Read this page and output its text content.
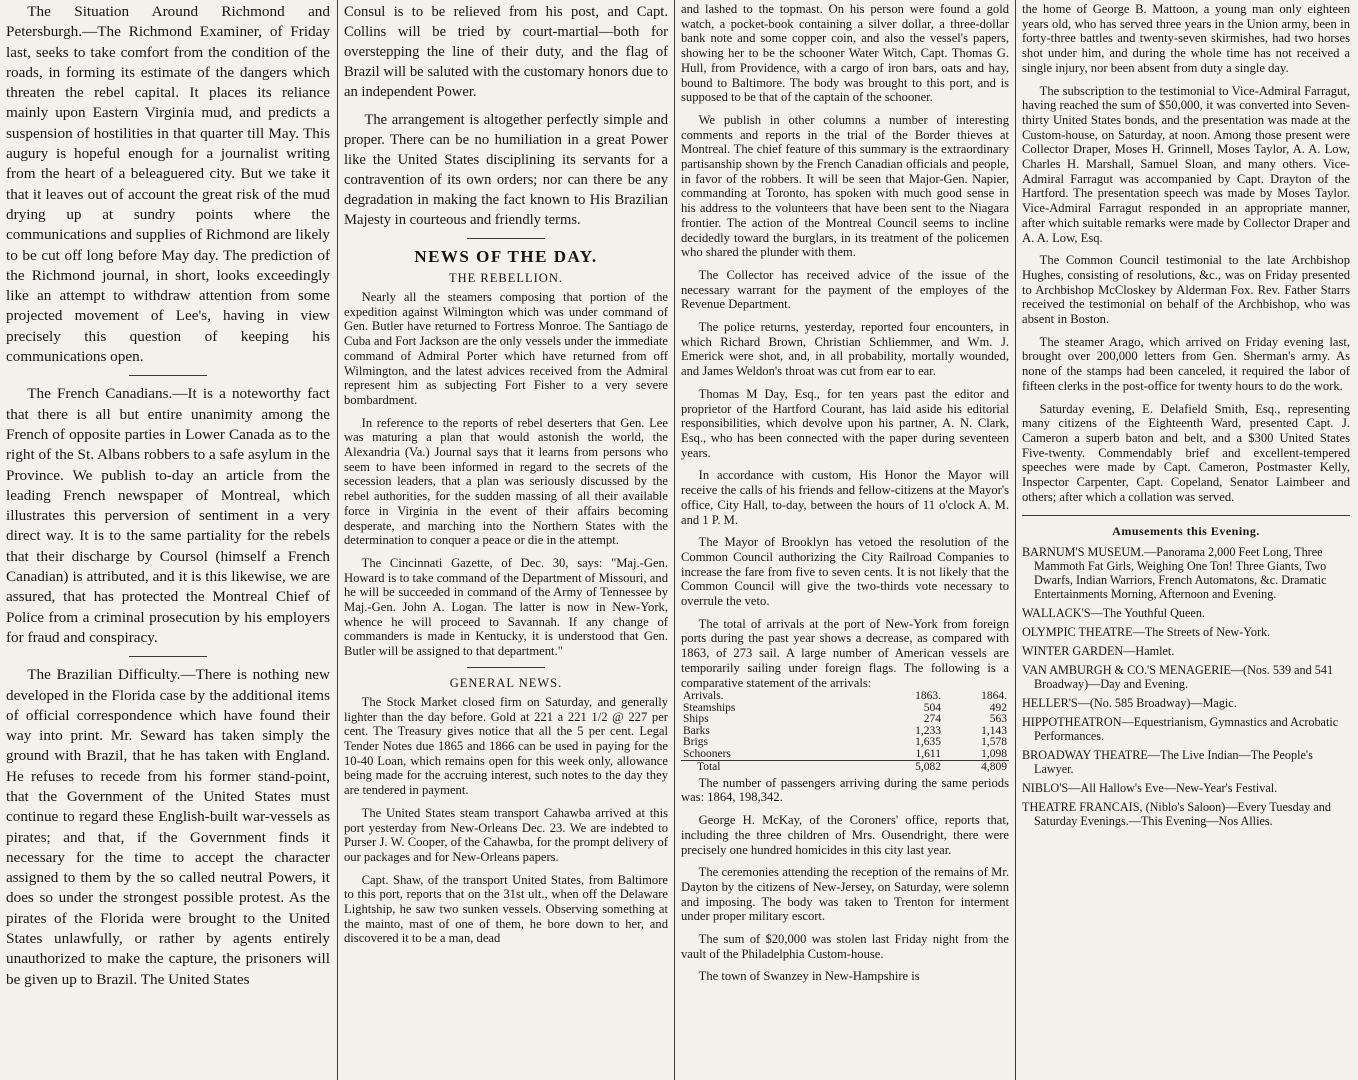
The Situation Around Richmond and Petersburgh.—The Richmond Examiner, of Friday last, seeks to take comfort from the condition of the roads, in forming its estimate of the dangers which threaten the rebel capital. It places its reliance mainly upon Eastern Virginia mud, and predicts a suspension of hostilities in that quarter till May. This augury is hopeful enough for a journalist writing from the heart of a beleaguered city. But we take it that it leaves out of account the great risk of the mud drying up at sundry points where the communications and supplies of Richmond are likely to be cut off long before May day. The prediction of the Richmond journal, in short, looks exceedingly like an attempt to withdraw attention from some projected movement of Lee's, having in view precisely this question of keeping his communications open.

The French Canadians.—It is a noteworthy fact that there is all but entire unanimity among the French of opposite parties in Lower Canada as to the right of the St. Albans robbers to a safe asylum in the Province. We publish to-day an article from the leading French newspaper of Montreal, which illustrates this perversion of sentiment in a very direct way. It is to the same partiality for the rebels that their discharge by Coursol (himself a French Canadian) is attributed, and it is this likewise, we are assured, that has protected the Montreal Chief of Police from a criminal prosecution by his employers for fraud and conspiracy.

The Brazilian Difficulty.—There is nothing new developed in the Florida case by the additional items of official correspondence which have found their way into print. Mr. Seward has taken simply the ground with Brazil, that he has taken with England. He refuses to recede from his former stand-point, that the Government of the United States must continue to regard these English-built war-vessels as pirates; and that, if the Government finds it necessary for the time to accept the character assigned to them by the so called neutral Powers, it does so under the strongest possible protest. As the pirates of the Florida were brought to the United States unlawfully, or rather by agents entirely unauthorized to make the capture, the prisoners will be given up to Brazil. The United States

Consul is to be relieved from his post, and Capt. Collins will be tried by court-martial—both for overstepping the line of their duty, and the flag of Brazil will be saluted with the customary honors due to an independent Power.

The arrangement is altogether perfectly simple and proper. There can be no humiliation in a great Power like the United States disciplining its servants for a contravention of its own orders; nor can there be any degradation in making the fact known to His Brazilian Majesty in courteous and friendly terms.

NEWS OF THE DAY.
THE REBELLION.

Nearly all the steamers composing that portion of the expedition against Wilmington which was under command of Gen. Butler have returned to Fortress Monroe. The Santiago de Cuba and Fort Jackson are the only vessels under the immediate command of Admiral Porter which have returned from off Wilmington, and the latest advices received from the Admiral represent him as subjecting Fort Fisher to a very severe bombardment.

In reference to the reports of rebel deserters that Gen. Lee was maturing a plan that would astonish the world, the Alexandria (Va.) Journal says that it learns from persons who seem to have been informed in regard to the secrets of the secession leaders, that a plan was seriously discussed by the rebel authorities, for the sudden massing of all their available force in Virginia in the event of their affairs becoming desperate, and marching into the Northern States with the determination to conquer a peace or die in the attempt.

The Cincinnati Gazette, of Dec. 30, says: "Maj.-Gen. Howard is to take command of the Department of Missouri, and he will be succeeded in command of the Army of Tennessee by Maj.-Gen. John A. Logan. The latter is now in New-York, whence he will proceed to Savannah. If any change of commanders is made in Kentucky, it is understood that Gen. Butler will be assigned to that department."

GENERAL NEWS.

The Stock Market closed firm on Saturday, and generally lighter than the day before. Gold at 221 a 221 1/2 @ 227 per cent. The Treasury gives notice that all the 5 per cent. Legal Tender Notes due 1865 and 1866 can be used in paying for the 10-40 Loan, which remains open for this week only, allowance being made for the accruing interest, such notes to the day they are tendered in payment.

The United States steam transport Cahawba arrived at this port yesterday from New-Orleans Dec. 23. We are indebted to Purser J. W. Cooper, of the Cahawba, for the prompt delivery of our packages and for New-Orleans papers.

Capt. Shaw, of the transport United States, from Baltimore to this port, reports that on the 31st ult., when off the Delaware Lightship, he saw two sunken vessels. Observing something at the mainto, mast of one of them, he bore down to her, and discovered it to be a man, dead

and lashed to the topmast. On his person were found a gold watch, a pocket-book containing a silver dollar, a three-dollar bank note and some copper coin, and also the vessel's papers, showing her to be the schooner Water Witch, Capt. Thomas G. Hull, from Providence, with a cargo of iron bars, oats and hay, bound to Baltimore. The body was brought to this port, and is supposed to be that of the captain of the schooner.

We publish in other columns a number of interesting comments and reports in the trial of the Border thieves at Montreal. The chief feature of this summary is the extraordinary partisanship shown by the French Canadian officials and people, in favor of the robbers. It will be seen that Major-Gen. Napier, commanding at Toronto, has spoken with much good sense in his address to the volunteers that have been sent to the Niagara frontier. The action of the Montreal Council seems to incline decidedly toward the burglars, in its treatment of the policemen who shared the plunder with them.

The Collector has received advice of the issue of the necessary warrant for the payment of the employes of the Revenue Department.

The police returns, yesterday, reported four encounters, in which Richard Brown, Christian Schliemmer, and Wm. J. Emerick were shot, and, in all probability, mortally wounded, and James Weldon's throat was cut from ear to ear.

Thomas M Day, Esq., for ten years past the editor and proprietor of the Hartford Courant, has laid aside his editorial responsibilities, which devolve upon his partner, A. N. Clark, Esq., who has been connected with the paper during seventeen years.

In accordance with custom, His Honor the Mayor will receive the calls of his friends and fellow-citizens at the Mayor's office, City Hall, to-day, between the hours of 11 o'clock A. M. and 1 P. M.

The Mayor of Brooklyn has vetoed the resolution of the Common Council authorizing the City Railroad Companies to increase the fare from five to seven cents. It is not likely that the Common Council will give the two-thirds vote necessary to overrule the veto.

The total of arrivals at the port of New-York from foreign ports during the past year shows a decrease, as compared with 1863, of 273 sail. A large number of American vessels are temporarily sailing under foreign flags. The following is a comparative statement of the arrivals:

Arrivals.	1863.	1864.
Steamships	504	492
Ships	274	563
Barks	1,233	1,143
Brigs	1,635	1,578
Schooners	1,611	1,098
Total	5,082	4,809

The number of passengers arriving during the same periods was: 1864, 198,342.

George H. McKay, of the Coroners' office, reports that, including the three children of Mrs. Ousendright, there were precisely one hundred homicides in this city last year.

The ceremonies attending the reception of the remains of Mr. Dayton by the citizens of New-Jersey, on Saturday, were solemn and imposing. The body was taken to Trenton for interment under proper military escort.

The sum of $20,000 was stolen last Friday night from the vault of the Philadelphia Custom-house.

The town of Swanzey in New-Hampshire is

the home of George B. Mattoon, a young man only eighteen years old, who has served three years in the Union army, been in forty-three battles and twenty-seven skirmishes, had two horses shot under him, and during the whole time has not received a single injury, nor been absent from duty a single day.

The subscription to the testimonial to Vice-Admiral Farragut, having reached the sum of $50,000, it was converted into Seven-thirty United States bonds, and the presentation was made at the Custom-house, on Saturday, at noon. Among those present were Collector Draper, Moses H. Grinnell, Moses Taylor, A. A. Low, Charles H. Marshall, Samuel Sloan, and many others. Vice-Admiral Farragut was accompanied by Capt. Drayton of the Hartford. The presentation speech was made by Moses Taylor. Vice-Admiral Farragut responded in an appropriate manner, after which suitable remarks were made by Collector Draper and A. A. Low, Esq.

The Common Council testimonial to the late Archbishop Hughes, consisting of resolutions, &c., was on Friday presented to Archbishop McCloskey by Alderman Fox. Rev. Father Starrs received the testimonial on behalf of the Archbishop, who was absent in Boston.

The steamer Arago, which arrived on Friday evening last, brought over 200,000 letters from Gen. Sherman's army. As none of the stamps had been canceled, it required the labor of fifteen clerks in the post-office for twenty hours to do the work.

Saturday evening, E. Delafield Smith, Esq., representing many citizens of the Eighteenth Ward, presented Capt. J. Cameron a superb baton and belt, and a $300 United States Five-twenty. Commendably brief and excellent-tempered speeches were made by Capt. Cameron, Postmaster Kelly, Inspector Carpenter, Capt. Copeland, Senator Laimbeer and others; after which a collation was served.

Amusements this Evening.

BARNUM'S MUSEUM.—Panorama 2,000 Feet Long, Three Mammoth Fat Girls, Weighing One Ton! Three Giants, Two Dwarfs, Indian Warriors, French Automatons, &c. Dramatic Entertainments Morning, Afternoon and Evening.

WALLACK'S—The Youthful Queen.

OLYMPIC THEATRE—The Streets of New-York.

WINTER GARDEN—Hamlet.

VAN AMBURGH & CO.'S MENAGERIE—(Nos. 539 and 541 Broadway)—Day and Evening.

HELLER'S—(No. 585 Broadway)—Magic.

HIPPOTHEATRON—Equestrianism, Gymnastics and Acrobatic Performances.

BROADWAY THEATRE—The Live Indian—The People's Lawyer.

NIBLO'S—All Hallow's Eve—New-Year's Festival.

THEATRE FRANCAIS, (Niblo's Saloon)—Every Tuesday and Saturday Evenings.—This Evening—Nos Allies.
